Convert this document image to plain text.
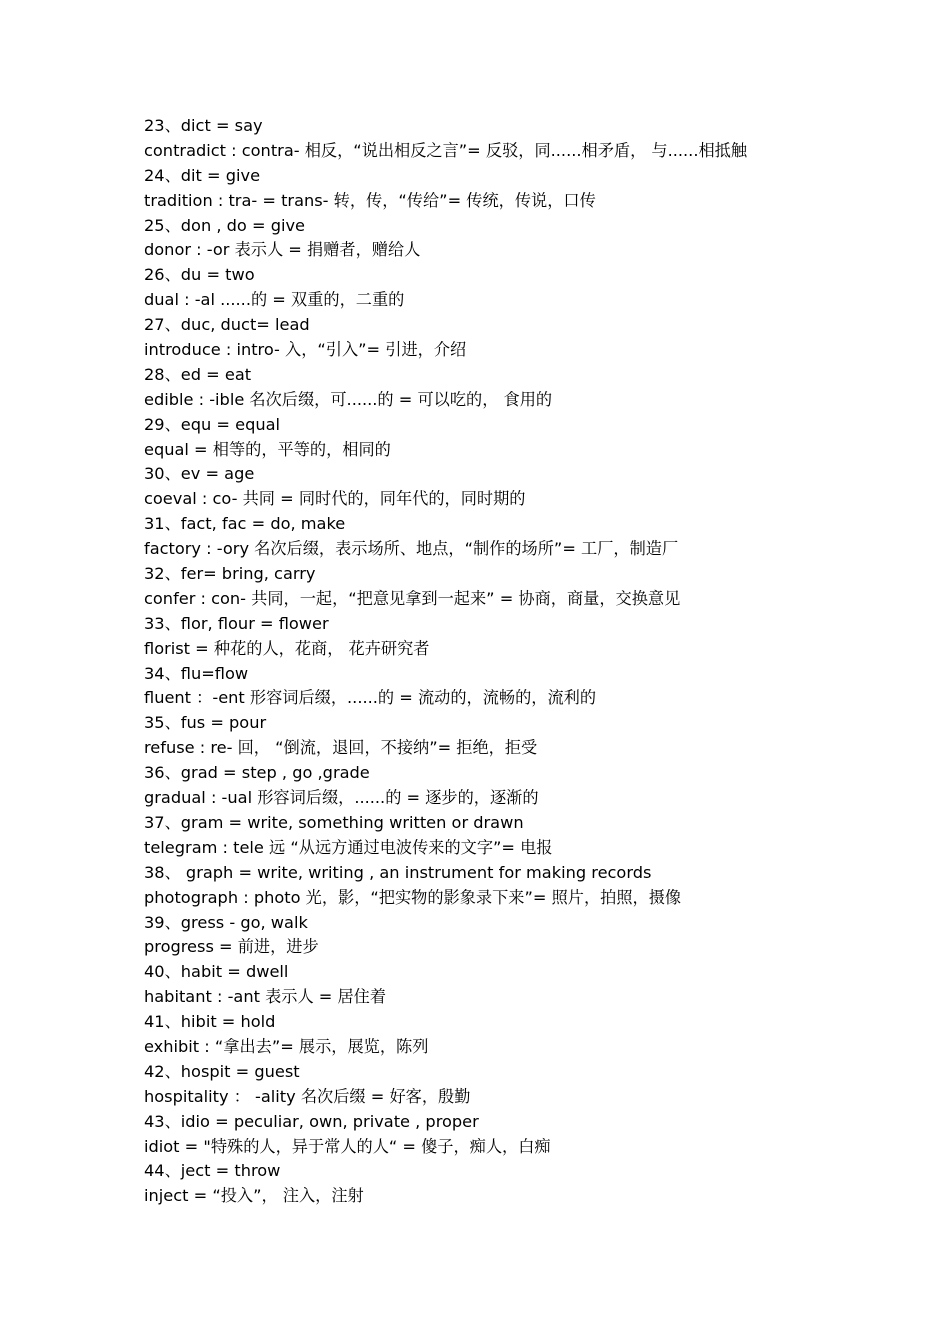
23、dict = say
contradict : contra- 相反，“说出相反之言”= 反驳，同......相矛盾， 与......相抵触
24、dit = give
tradition : tra- = trans- 转，传，“传给”= 传统，传说，口传
25、don , do = give
donor : -or 表示人 = 捐赠者，赠给人
26、du = two
dual : -al ......的 = 双重的，二重的
27、duc, duct= lead
introduce : intro- 入，“引入”= 引进，介绍
28、ed = eat
edible : -ible 名次后缀，可......的 = 可以吃的， 食用的
29、equ = equal
equal = 相等的，平等的，相同的
30、ev = age
coeval : co- 共同 = 同时代的，同年代的，同时期的
31、fact, fac = do, make
factory : -ory 名次后缀，表示场所、地点，“制作的场所”= 工厂，制造厂
32、fer= bring, carry
confer : con- 共同，一起，“把意见拿到一起来” = 协商，商量，交换意见
33、flor, flour = flower
florist = 种花的人，花商， 花卉研究者
34、flu=flow
fluent ：-ent 形容词后缀，......的 = 流动的，流畅的，流利的
35、fus = pour
refuse : re- 回， “倒流，退回，不接纳”= 拒绝，拒受
36、grad = step , go ,grade
gradual : -ual 形容词后缀，......的 = 逐步的，逐渐的
37、gram = write, something written or drawn
telegram : tele 远 “从远方通过电波传来的文字”= 电报
38、 graph = write, writing , an instrument for making records
photograph : photo 光，影，“把实物的影象录下来”= 照片，拍照，摄像
39、gress - go, walk
progress = 前进，进步
40、habit = dwell
habitant : -ant 表示人 = 居住着
41、hibit = hold
exhibit : “拿出去”= 展示，展览，陈列
42、hospit = guest
hospitality ： -ality 名次后缀 = 好客，殷勤
43、idio = peculiar, own, private , proper
idiot = "特殊的人，异于常人的人“ = 傻子，痴人，白痴
44、ject = throw
inject = “投入”， 注入，注射
